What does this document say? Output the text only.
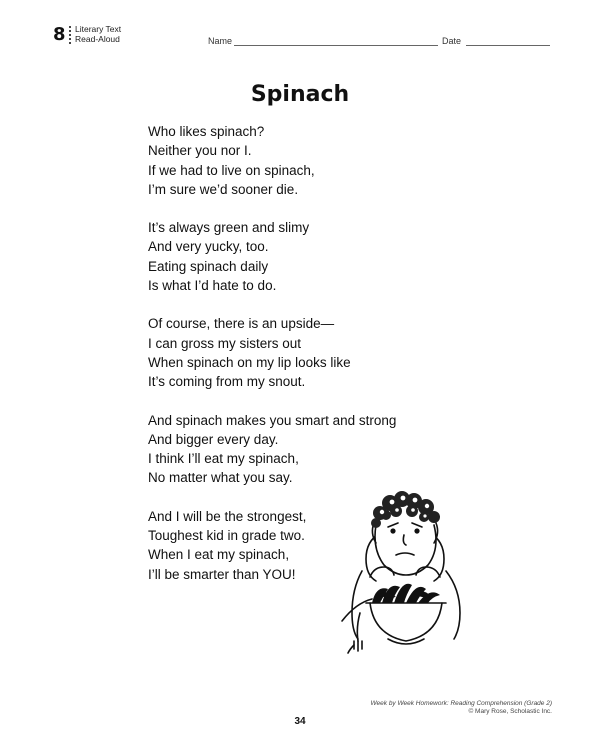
8 Literary Text
Read-Aloud	Name	Date
Spinach
Who likes spinach?
Neither you nor I.
If we had to live on spinach,
I’m sure we’d sooner die.
It’s always green and slimy
And very yucky, too.
Eating spinach daily
Is what I’d hate to do.
Of course, there is an upside—
I can gross my sisters out
When spinach on my lip looks like
It’s coming from my snout.
And spinach makes you smart and strong
And bigger every day.
I think I’ll eat my spinach,
No matter what you say.
And I will be the strongest,
Toughest kid in grade two.
When I eat my spinach,
I’ll be smarter than YOU!
34
Week by Week Homework: Reading Comprehension (Grade 2)
© Mary Rose, Scholastic Inc.
